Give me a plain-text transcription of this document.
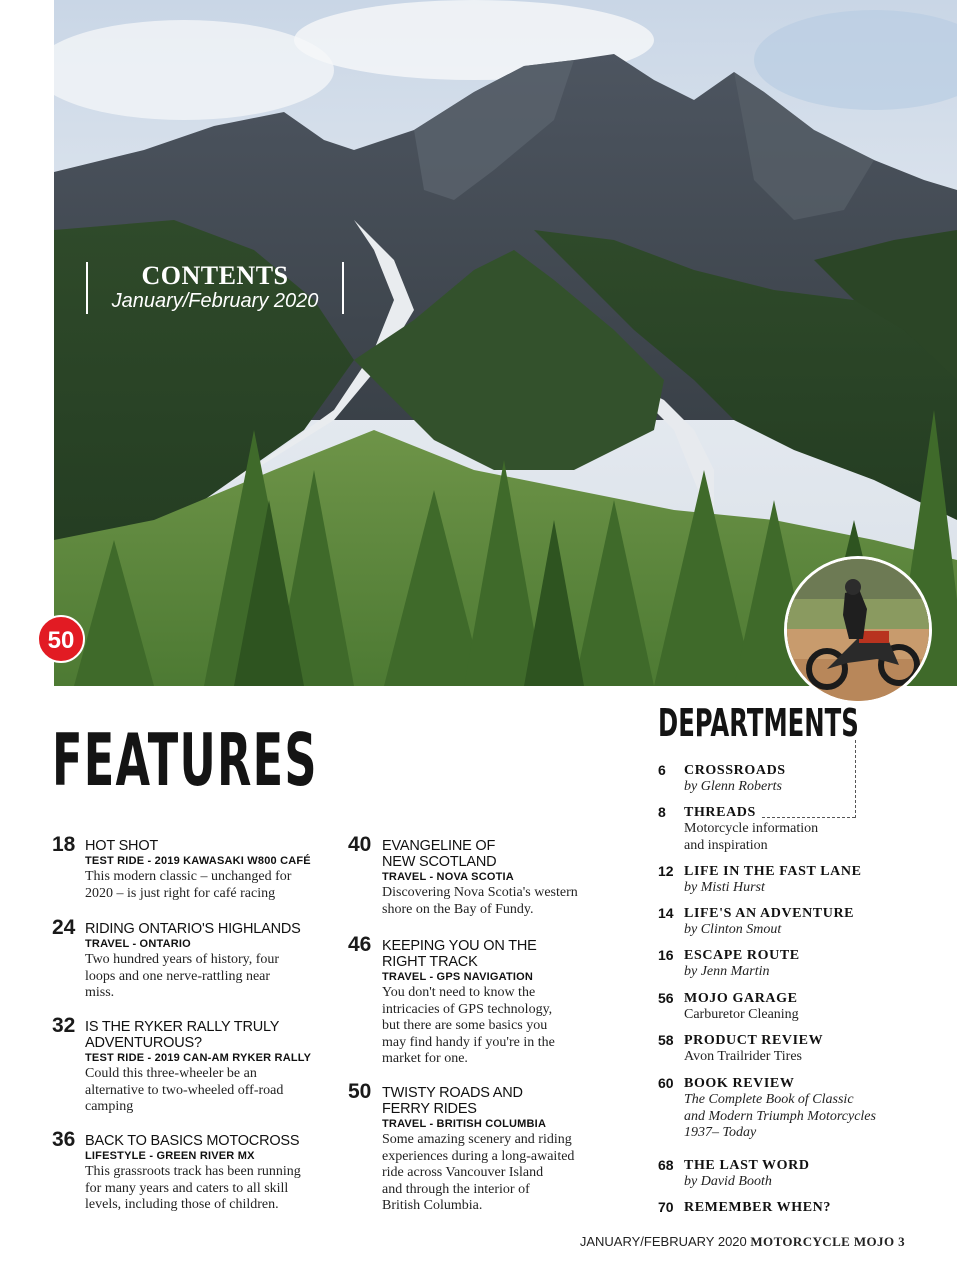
CONTENTS
January/February 2020
50
FEATURES
18 HOT SHOT
TEST RIDE - 2019 KAWASAKI W800 CAFÉ
This modern classic – unchanged for
2020 – is just right for café racing
24 RIDING ONTARIO'S HIGHLANDS
TRAVEL - ONTARIO
Two hundred years of history, four
loops and one nerve-rattling near
miss.
32 IS THE RYKER RALLY TRULY
ADVENTUROUS?
TEST RIDE - 2019 CAN-AM RYKER RALLY
Could this three-wheeler be an
alternative to two-wheeled off-road
camping
36 BACK TO BASICS MOTOCROSS
LIFESTYLE - GREEN RIVER MX
This grassroots track has been running
for many years and caters to all skill
levels, including those of children.
40 EVANGELINE OF
NEW SCOTLAND
TRAVEL - NOVA SCOTIA
Discovering Nova Scotia's western
shore on the Bay of Fundy.
46 KEEPING YOU ON THE
RIGHT TRACK
TRAVEL - GPS NAVIGATION
You don't need to know the
intricacies of GPS technology,
but there are some basics you
may find handy if you're in the
market for one.
50 TWISTY ROADS AND
FERRY RIDES
TRAVEL - BRITISH COLUMBIA
Some amazing scenery and riding
experiences during a long-awaited
ride across Vancouver Island
and through the interior of
British Columbia.
DEPARTMENTS
6 CROSSROADS
by Glenn Roberts
8 THREADS
Motorcycle information
and inspiration
12 LIFE IN THE FAST LANE
by Misti Hurst
14 LIFE'S AN ADVENTURE
by Clinton Smout
16 ESCAPE ROUTE
by Jenn Martin
56 MOJO GARAGE
Carburetor Cleaning
58 PRODUCT REVIEW
Avon Trailrider Tires
60 BOOK REVIEW
The Complete Book of Classic
and Modern Triumph Motorcycles
1937– Today
68 THE LAST WORD
by David Booth
70 REMEMBER WHEN?
JANUARY/FEBRUARY 2020 MOTORCYCLE MOJO 3
